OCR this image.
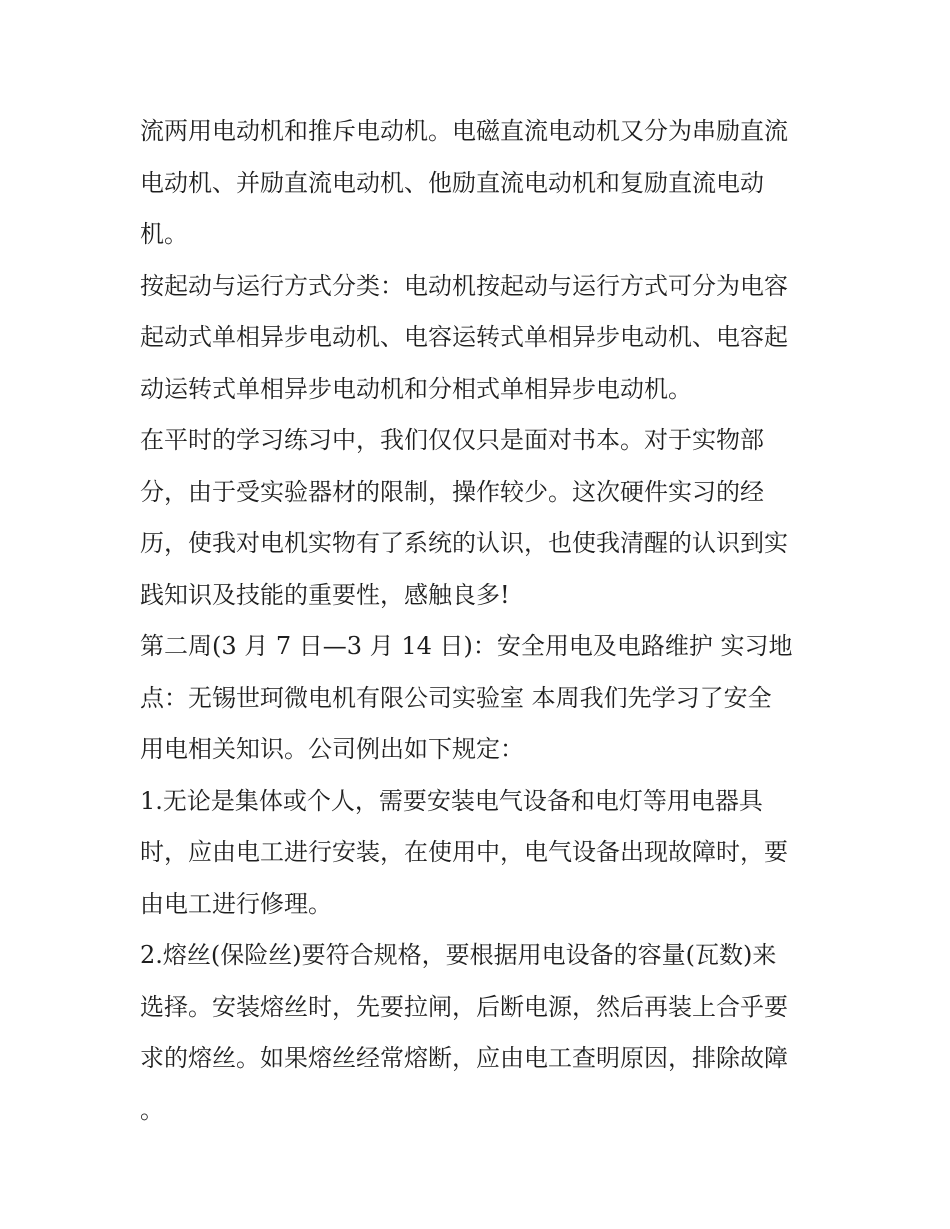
流两用电动机和推斥电动机。电磁直流电动机又分为串励直流
电动机、并励直流电动机、他励直流电动机和复励直流电动
机。
按起动与运行方式分类：电动机按起动与运行方式可分为电容
起动式单相异步电动机、电容运转式单相异步电动机、电容起
动运转式单相异步电动机和分相式单相异步电动机。
在平时的学习练习中，我们仅仅只是面对书本。对于实物部
分，由于受实验器材的限制，操作较少。这次硬件实习的经
历，使我对电机实物有了系统的认识，也使我清醒的认识到实
践知识及技能的重要性，感触良多!
第二周(3 月 7 日—3 月 14 日)：安全用电及电路维护 实习地
点：无锡世珂微电机有限公司实验室 本周我们先学习了安全
用电相关知识。公司例出如下规定：
1.无论是集体或个人，需要安装电气设备和电灯等用电器具
时，应由电工进行安装，在使用中，电气设备出现故障时，要
由电工进行修理。
2.熔丝(保险丝)要符合规格，要根据用电设备的容量(瓦数)来
选择。安装熔丝时，先要拉闸，后断电源，然后再装上合乎要
求的熔丝。如果熔丝经常熔断，应由电工查明原因，排除故障
。
